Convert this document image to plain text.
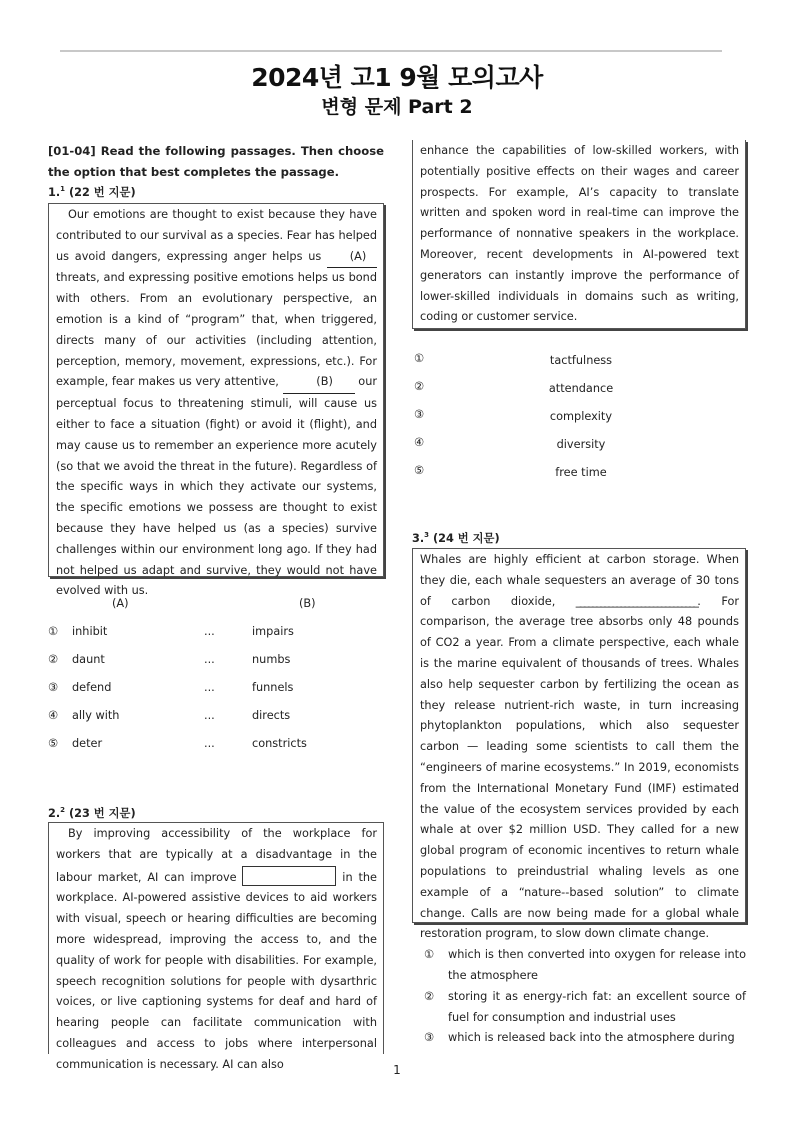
2024년 고1 9월 모의고사
변형 문제 Part 2
[01-04] Read the following passages. Then choose the option that best completes the passage.
1.$^1$ (22 번 지문)

Our emotions are thought to exist because they have contributed to our survival as a species. Fear has helped us avoid dangers, expressing anger helps us (A) threats, and expressing positive emotions helps us bond with others. From an evolutionary perspective, an emotion is a kind of “program” that, when triggered, directs many of our activities (including attention, perception, memory, movement, expressions, etc.). For example, fear makes us very attentive,	(B) our perceptual focus to threatening stimuli, will cause us either to face a situation (fight) or avoid it (flight), and may cause us to remember an experience more acutely (so that we avoid the threat in the future). Regardless of the specific ways in which they activate our systems, the specific emotions we possess are thought to exist because they have helped us (as a species) survive challenges within our environment long ago. If they had not helped us adapt and survive, they would not have evolved with us.

(A)	(B)
① inhibit	...	impairs
② daunt	...	numbs
③ defend	...	funnels
④ ally with	...	directs
⑤ deter	...	constricts
2.$^2$ (23 번 지문)

By improving accessibility of the workplace for workers that are typically at a disadvantage in the labour market, AI can improve	in the workplace. AI-powered assistive devices to aid workers with visual, speech or hearing difficulties are becoming more widespread, improving the access to, and the quality of work for people with disabilities. For example, speech recognition solutions for people with dysarthric voices, or live captioning systems for deaf and hard of hearing people can facilitate communication with colleagues and access to jobs where interpersonal communication is necessary. AI can also

enhance the capabilities of low-skilled workers, with potentially positive effects on their wages and career prospects. For example, AI’s capacity to translate written and spoken word in real-time can improve the performance of nonnative speakers in the workplace. Moreover, recent developments in AI-powered text generators can instantly improve the performance of lower-skilled individuals in domains such as writing, coding or customer service.

①	tactfulness
②	attendance
③	complexity
④	diversity
⑤	free time
3.$^3$ (24 번 지문)

Whales are highly efficient at carbon storage. When they die, each whale sequesters an average of 30 tons of carbon dioxide, ______________________________. For comparison, the average tree absorbs only 48 pounds of CO2 a year. From a climate perspective, each whale is the marine equivalent of thousands of trees. Whales also help sequester carbon by fertilizing the ocean as they release nutrient-rich waste, in turn increasing phytoplankton populations, which also sequester carbon — leading some scientists to call them the “engineers of marine ecosystems.” In 2019, economists from the International Monetary Fund (IMF) estimated the value of the ecosystem services provided by each whale at over $2 million USD. They called for a new global program of economic incentives to return whale populations to preindustrial whaling levels as one example of a “nature--based solution” to climate change. Calls are now being made for a global whale restoration program, to slow down climate change.

① which is then converted into oxygen for release into the atmosphere
② storing it as energy-rich fat: an excellent source of fuel for consumption and industrial uses
③ which is released back into the atmosphere during
1
